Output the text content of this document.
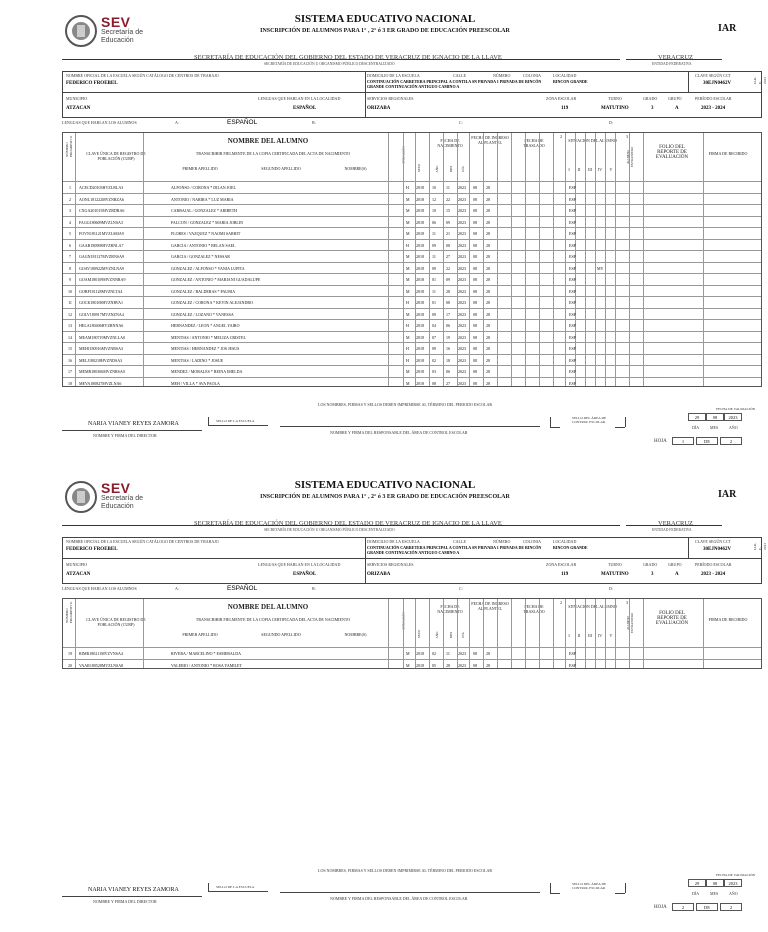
SEV
Secretaría de Educación
SISTEMA EDUCATIVO NACIONAL
INSCRIPCIÓN DE ALUMNOS PARA 1° , 2° ó 3 ER GRADO DE EDUCACIÓN PREESCOLAR	IAR
SECRETARÍA DE EDUCACIÓN DEL GOBIERNO DEL ESTADO DE VERACRUZ DE IGNACIO DE LA LLAVE	VERACRUZ
SECRETARÍA DE EDUCACIÓN U ORGANISMO PÚBLICO DESCENTRALIZADO	ENTIDAD FEDERATIVA
NOMBRE OFICIAL DE LA ESCUELA SEGÚN CATÁLOGO DE CENTROS DE TRABAJO
FEDERICO FROEBEL
DOMICILIO DE LA ESCUELA	CALLE	NÚMERO	COLONIA	LOCALIDAD
CONTINUACIÓN CARRETERA PRINCIPAL A CONTILA SN PRIVADA 1 PRIVADA DE RINCÓN GRANDE CONTINUACIÓN ANTIGUO CAMINO A
RINCON GRANDE
CLAVE SEGÚN CCT
30EJN0462V
MUNICIPIO
ATZACAN
LENGUAS QUE HABLAN EN LA LOCALIDAD
ESPAÑOL
SERVICIOS REGIONALES
ORIZABA
ZONA ESCOLAR
119
TURNO
MATUTINO
GRADO
3
GRUPO
A
PERÍODO ESCOLAR
2023 - 2024
IAR-P-2023
LENGUAS QUE HABLAN LOS ALUMNOS	A:	ESPAÑOL	B:	C:	D:
NÚMERO PROGRESIVO	CLAVE ÚNICA DE REGISTRO DE POBLACIÓN (CURP)
NOMBRE DEL ALUMNO
TRANSCRIBIR FIELMENTE DE LA COPIA CERTIFICADA DEL ACTA DE NACIMIENTO
PRIMER APELLIDO	SEGUNDO APELLIDO	NOMBRE(S)
SITUACIÓN
SEXO
FECHA DE NACIMIENTO
FECHA DE INGRESO AL PLANTEL	FECHA DE TRASLADO
2
SITUACIÓN DEL ALUMNO
3
ALUMNO EXTRANJERO	FOLIO DEL REPORTE DE EVALUACIÓN
FIRMA DE RECIBIDO
AÑO	MES	DÍA	I	II	III	IV	V
1	ACECD20103HVZLRLA3	ALFONSO / CORONA * DILAN JOEL	H 2018 10	11 2023 08 28	ESP
2	AONL181222MVZNRZA6	ANTONIO / NARIRA * LUZ MARIA	M 2018 12	22 2023 08 28	ESP
3	CXGA201015MVZRDRA6	CARBAJAL / GONZALEZ * ARIBETH	M 2018 10	15 2023 08 28	ESP
4	FAGG180609MVZLNSA3	FALCON / GONZALEZ * MARIA JOBLIN	M 2018 06	09 2023 08 28	ESP
5	FOVN181121MVZLSMA9	FLORES / VAZQUEZ * NAOMI SARHIT	M 2018 11	21 2023 08 28	ESP
6	GAAB180908HVZRNLA7	GARCIA / ANTONIO * BELAN SAEL	H 2018 09	08 2023 08 28	ESP
7	GAGN181127MVZRNSA9	GARCIA / GONZALEZ * NESSAR	M 2018 11	27 2023 08 28	ESP
8	GOAV180922MVZNLNA9	GONZALEZ / ALFONSO * VANIA LUPITA	M 2018 09	22 2023 08 28	ESP	MY
9	GOAM180109MVZNNRA9	GONZALEZ / ANTONIO * MARIANI GUADALUPE	M 2018 01	09 2023 08 28	ESP
10	GOBP181128MVZNLTA4	GONZALEZ / BALDERAS * PAUBIA	M 2018 11	28 2023 08 28	ESP
11	GOCK180108HVZNRVA1	GONZALEZ / CORONA * KEVIN ALEJANDRO	H 2018 01	08 2023 08 28	ESP
12	GOLV180917MVZNZNA4	GONZALEZ / LOZANO * VANESSA	M 2018 09	17 2023 08 28	ESP
13	HELA180406HVZRNNA6	HERNANDEZ / LEON * ANGEL YAIRO	H 2018 04	06 2023 08 28	ESP
14	MEAM180719MVZNLLA0	MENTIAS / ANTONIO * MELIZA CRISTEL	M 2018 07	19 2023 08 28	ESP
15	MEHJ180916MVZNRSA3	MENTIAS / HERNANDEZ * JOS JESUS	H 2018 09	16 2023 08 28	ESP
16	MELJ180218HVZNDSA3	MENTIAS / LADINO * JOSUE	H 2018 02	18 2023 08 28	ESP
17	MEMR180306MVZNRSA0	MENDEZ / MORALES * REINA IMELDA	M 2018 03	06 2023 08 28	ESP
18	MEVA180827MVZLNA6	MEH / VILLA * AVA PAOLA	M 2018 08	27 2023 08 28	ESP
LOS NOMBRES, FIRMAS Y SELLOS DEBEN IMPRIMIRSE AL TÉRMINO DEL PERIODO ESCOLAR
NARIA VIANEY REYES ZAMORA
NOMBRE Y FIRMA DEL DIRECTOR
SELLO DE LA ESCUELA
NOMBRE Y FIRMA DEL RESPONSABLE DEL ÁREA DE CONTROL ESCOLAR
SELLO DEL ÁREA DE CONTROL ESCOLAR
FECHA DE VALIDACIÓN
29	08	2023
DÍA	MES	AÑO
HOJA	1	DE	2
SEV
Secretaría de Educación
SISTEMA EDUCATIVO NACIONAL
INSCRIPCIÓN DE ALUMNOS PARA 1° , 2° ó 3 ER GRADO DE EDUCACIÓN PREESCOLAR	IAR
SECRETARÍA DE EDUCACIÓN DEL GOBIERNO DEL ESTADO DE VERACRUZ DE IGNACIO DE LA LLAVE	VERACRUZ
SECRETARÍA DE EDUCACIÓN U ORGANISMO PÚBLICO DESCENTRALIZADO	ENTIDAD FEDERATIVA
NOMBRE OFICIAL DE LA ESCUELA SEGÚN CATÁLOGO DE CENTROS DE TRABAJO
FEDERICO FROEBEL
DOMICILIO DE LA ESCUELA	CALLE	NÚMERO	COLONIA	LOCALIDAD
CONTINUACIÓN CARRETERA PRINCIPAL A CONTILA SN PRIVADA 1 PRIVADA DE RINCÓN GRANDE CONTINUACIÓN ANTIGUO CAMINO A
RINCON GRANDE
CLAVE SEGÚN CCT
30EJN0462V
MUNICIPIO
ATZACAN
LENGUAS QUE HABLAN EN LA LOCALIDAD
ESPAÑOL
SERVICIOS REGIONALES
ORIZABA
ZONA ESCOLAR
119
TURNO
MATUTINO
GRADO
3
GRUPO
A
PERÍODO ESCOLAR
2023 - 2024
IAR-P-2023
LENGUAS QUE HABLAN LOS ALUMNOS	A:	ESPAÑOL	B:	C:	D:
NÚMERO PROGRESIVO	CLAVE ÚNICA DE REGISTRO DE POBLACIÓN (CURP)
NOMBRE DEL ALUMNO
TRANSCRIBIR FIELMENTE DE LA COPIA CERTIFICADA DEL ACTA DE NACIMIENTO
PRIMER APELLIDO	SEGUNDO APELLIDO	NOMBRE(S)
SITUACIÓN
SEXO
FECHA DE NACIMIENTO
FECHA DE INGRESO AL PLANTEL	FECHA DE TRASLADO
2
SITUACIÓN DEL ALUMNO
3
ALUMNO EXTRANJERO	FOLIO DEL REPORTE DE EVALUACIÓN
FIRMA DE RECIBIDO
AÑO	MES	DÍA	I	II	III	IV	V
19	RIMR180211MVZVNSA4	RIVERA / MARCELINO * ESMERALDA	M 2018 02	11 2023 08 28	ESP
20	VAAR180528MVZLNSA8	VALERIO / ANTONIO * ROSA YAMILET	M 2018 05	28 2023 08 28	ESP
LOS NOMBRES, FIRMAS Y SELLOS DEBEN IMPRIMIRSE AL TÉRMINO DEL PERIODO ESCOLAR
NARIA VIANEY REYES ZAMORA
NOMBRE Y FIRMA DEL DIRECTOR
SELLO DE LA ESCUELA
NOMBRE Y FIRMA DEL RESPONSABLE DEL ÁREA DE CONTROL ESCOLAR
SELLO DEL ÁREA DE CONTROL ESCOLAR
FECHA DE VALIDACIÓN
29	08	2023
DÍA	MES	AÑO
HOJA	2	DE	2
